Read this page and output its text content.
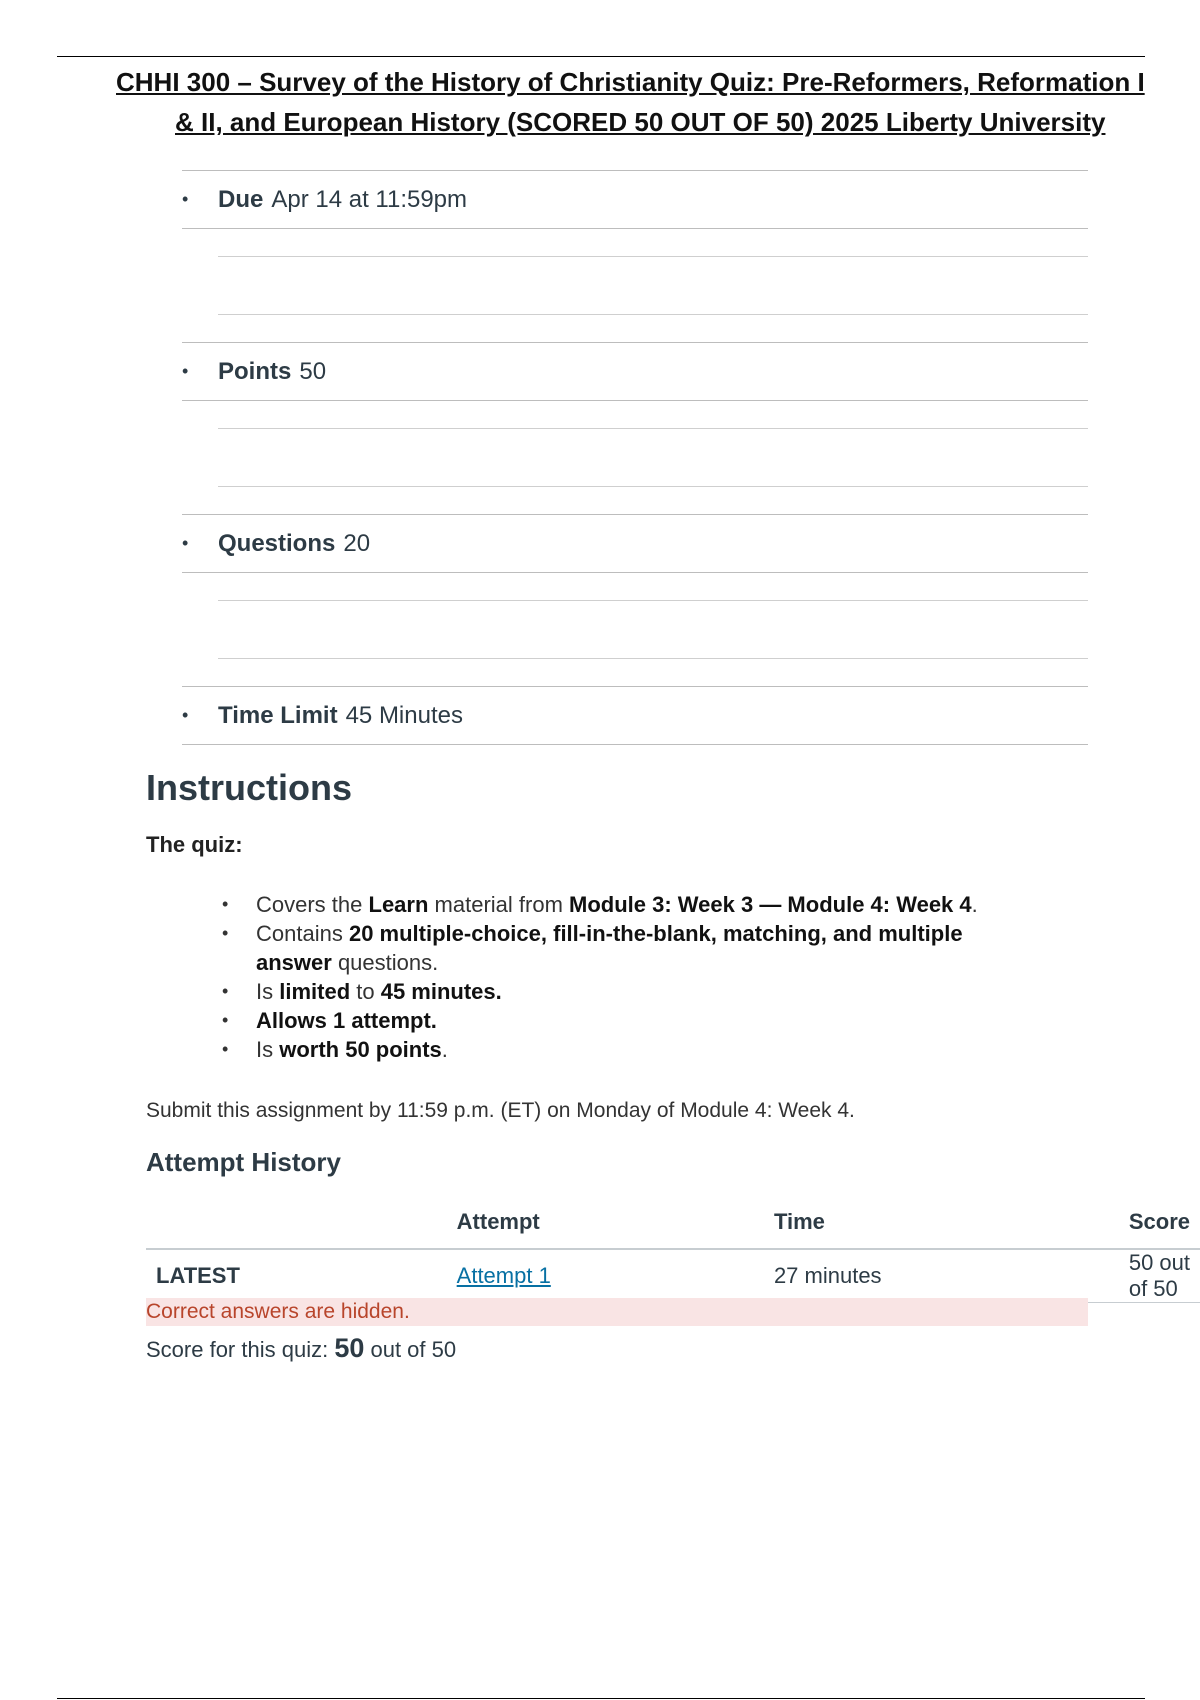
CHHI 300 – Survey of the History of Christianity Quiz: Pre-Reformers, Reformation I
& II, and European History (SCORED 50 OUT OF 50) 2025 Liberty University
•	Due Apr 14 at 11:59pm
•	Points 50
•	Questions 20
•	Time Limit 45 Minutes
Instructions
The quiz:
• Covers the Learn material from Module 3: Week 3 — Module 4: Week 4.
• Contains 20 multiple-choice, fill-in-the-blank, matching, and multiple answer questions.
• Is limited to 45 minutes.
• Allows 1 attempt.
• Is worth 50 points.
Submit this assignment by 11:59 p.m. (ET) on Monday of Module 4: Week 4.
Attempt History
	Attempt	Time	Score
LATEST	Attempt 1	27 minutes	50 out of 50
Correct answers are hidden.
Score for this quiz: 50 out of 50
